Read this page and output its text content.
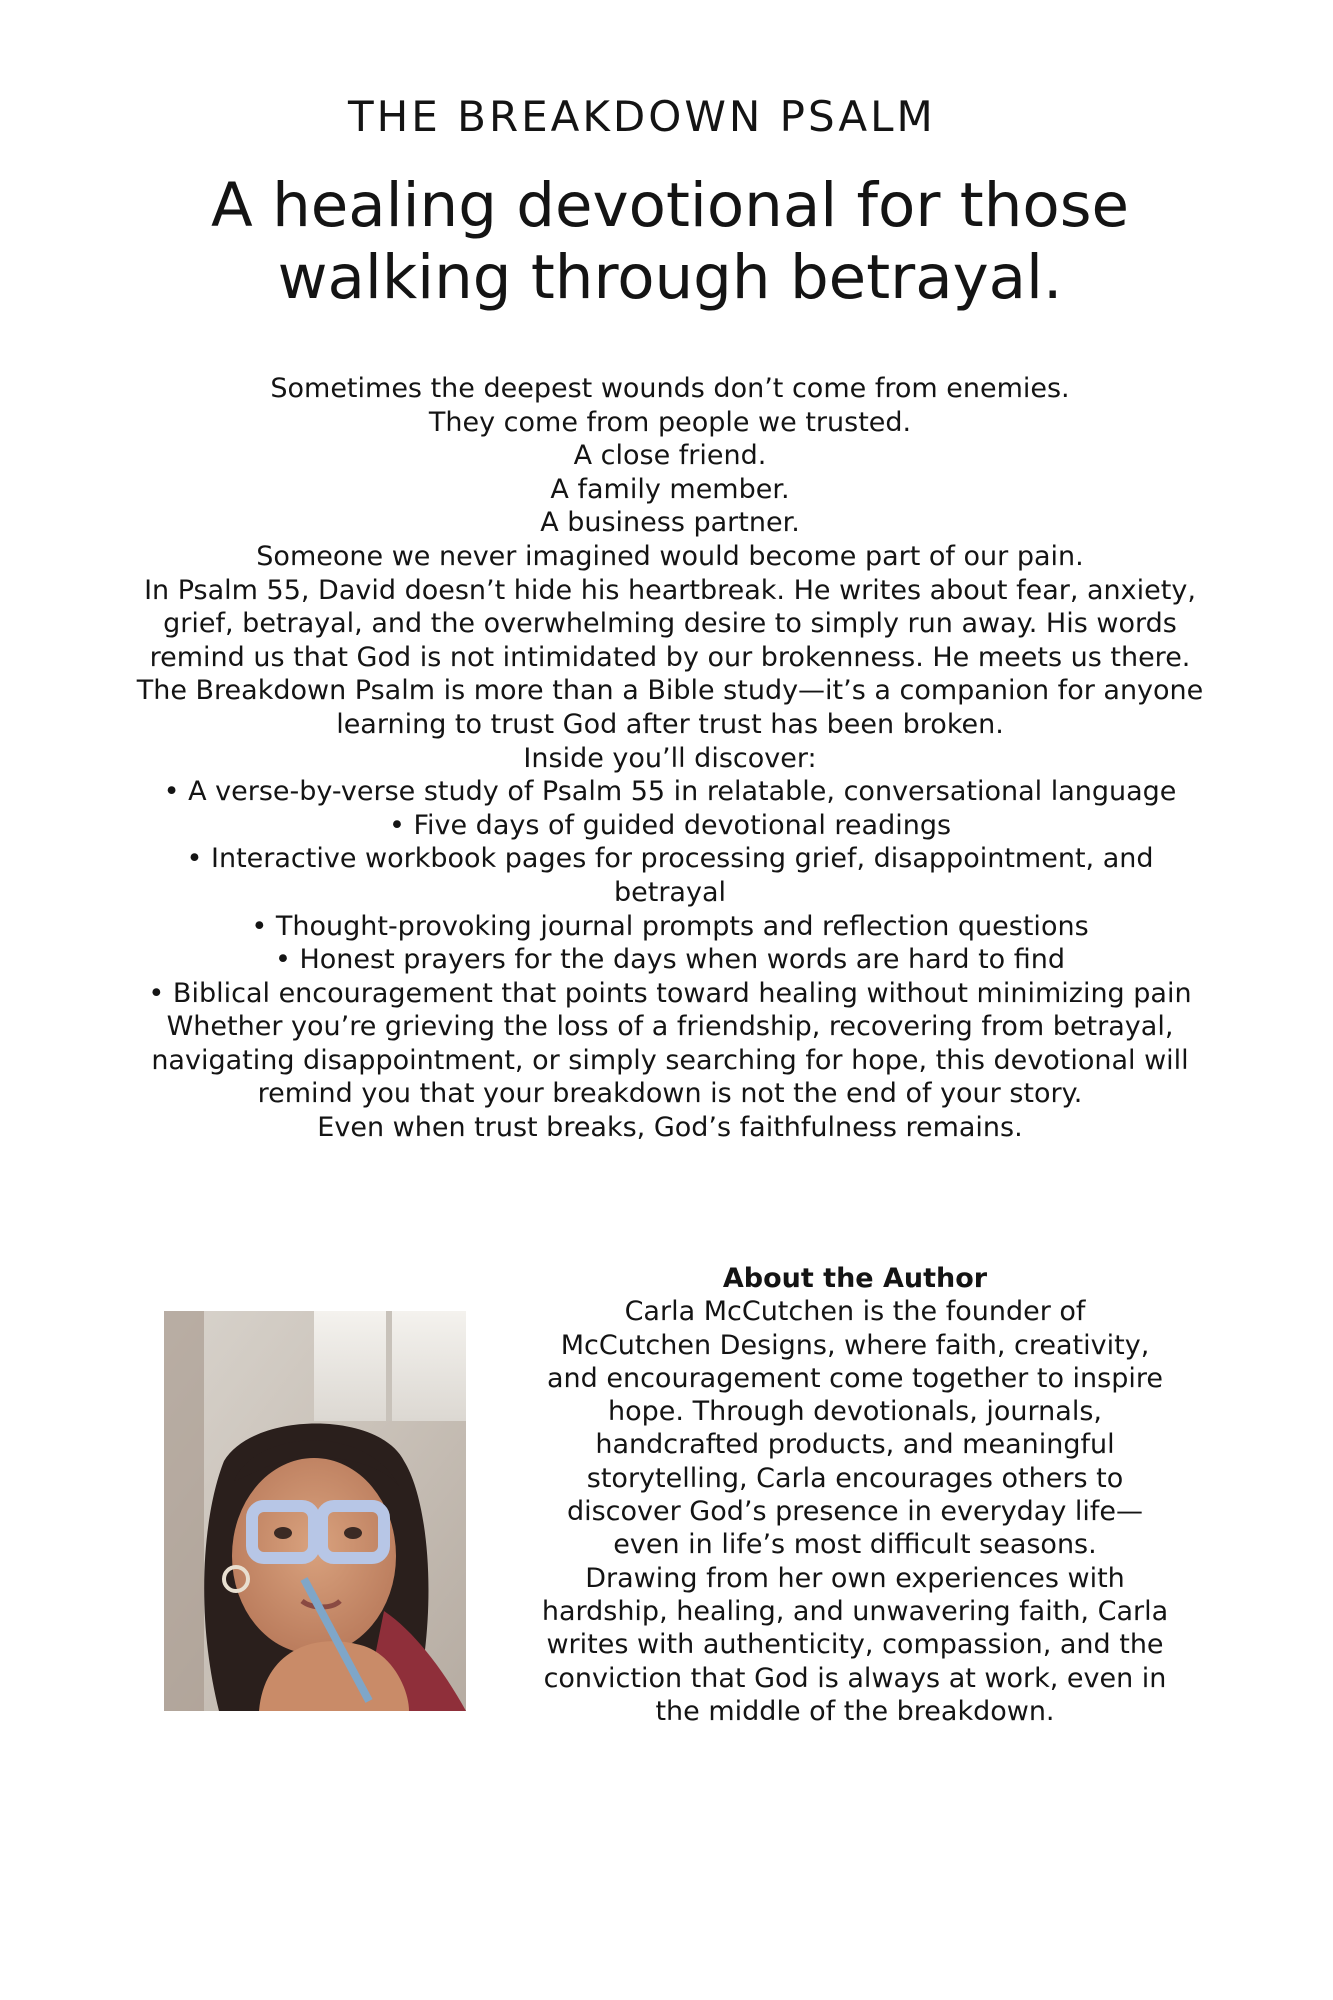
THE BREAKDOWN PSALM
A healing devotional for those
walking through betrayal.
Sometimes the deepest wounds don’t come from enemies.
They come from people we trusted.
A close friend.
A family member.
A business partner.
Someone we never imagined would become part of our pain.
In Psalm 55, David doesn’t hide his heartbreak. He writes about fear, anxiety,
grief, betrayal, and the overwhelming desire to simply run away. His words
remind us that God is not intimidated by our brokenness. He meets us there.
The Breakdown Psalm is more than a Bible study—it’s a companion for anyone
learning to trust God after trust has been broken.
Inside you’ll discover:
• A verse-by-verse study of Psalm 55 in relatable, conversational language
• Five days of guided devotional readings
• Interactive workbook pages for processing grief, disappointment, and
betrayal
• Thought-provoking journal prompts and reflection questions
• Honest prayers for the days when words are hard to find
• Biblical encouragement that points toward healing without minimizing pain
Whether you’re grieving the loss of a friendship, recovering from betrayal,
navigating disappointment, or simply searching for hope, this devotional will
remind you that your breakdown is not the end of your story.
Even when trust breaks, God’s faithfulness remains.
About the Author
Carla McCutchen is the founder of
McCutchen Designs, where faith, creativity,
and encouragement come together to inspire
hope. Through devotionals, journals,
handcrafted products, and meaningful
storytelling, Carla encourages others to
discover God’s presence in everyday life—
even in life’s most difficult seasons.
Drawing from her own experiences with
hardship, healing, and unwavering faith, Carla
writes with authenticity, compassion, and the
conviction that God is always at work, even in
the middle of the breakdown.
